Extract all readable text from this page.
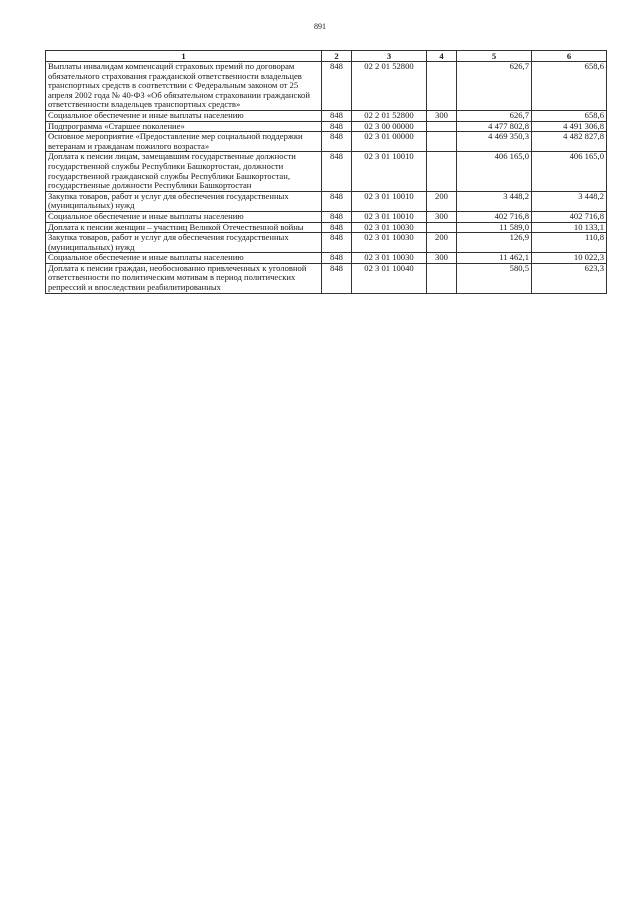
891
1	2	3	4	5	6
Выплаты инвалидам компенсаций страховых премий по договорам обязательного страхования гражданской ответственности владельцев транспортных средств в соответствии с Федеральным законом от 25 апреля 2002 года № 40-ФЗ «Об обязательном страховании гражданской ответственности владельцев транспортных средств»	848	02 2 01 52800		626,7	658,6
Социальное обеспечение и иные выплаты населению	848	02 2 01 52800	300	626,7	658,6
Подпрограмма «Старшее поколение»	848	02 3 00 00000		4 477 802,8	4 491 306,8
Основное мероприятие «Предоставление мер социальной поддержки ветеранам и гражданам пожилого возраста»	848	02 3 01 00000		4 469 350,3	4 482 827,8
Доплата к пенсии лицам, замещавшим государственные должности государственной службы Республики Башкортостан, должности государственной гражданской службы Республики Башкортостан, государственные должности Республики Башкортостан	848	02 3 01 10010		406 165,0	406 165,0
Закупка товаров, работ и услуг для обеспечения государственных (муниципальных) нужд	848	02 3 01 10010	200	3 448,2	3 448,2
Социальное обеспечение и иные выплаты населению	848	02 3 01 10010	300	402 716,8	402 716,8
Доплата к пенсии женщин – участниц Великой Отечественной войны	848	02 3 01 10030		11 589,0	10 133,1
Закупка товаров, работ и услуг для обеспечения государственных (муниципальных) нужд	848	02 3 01 10030	200	126,9	110,8
Социальное обеспечение и иные выплаты населению	848	02 3 01 10030	300	11 462,1	10 022,3
Доплата к пенсии граждан, необоснованно привлеченных к уголовной ответственности по политическим мотивам в период политических репрессий и впоследствии реабилитированных	848	02 3 01 10040		580,5	623,3
